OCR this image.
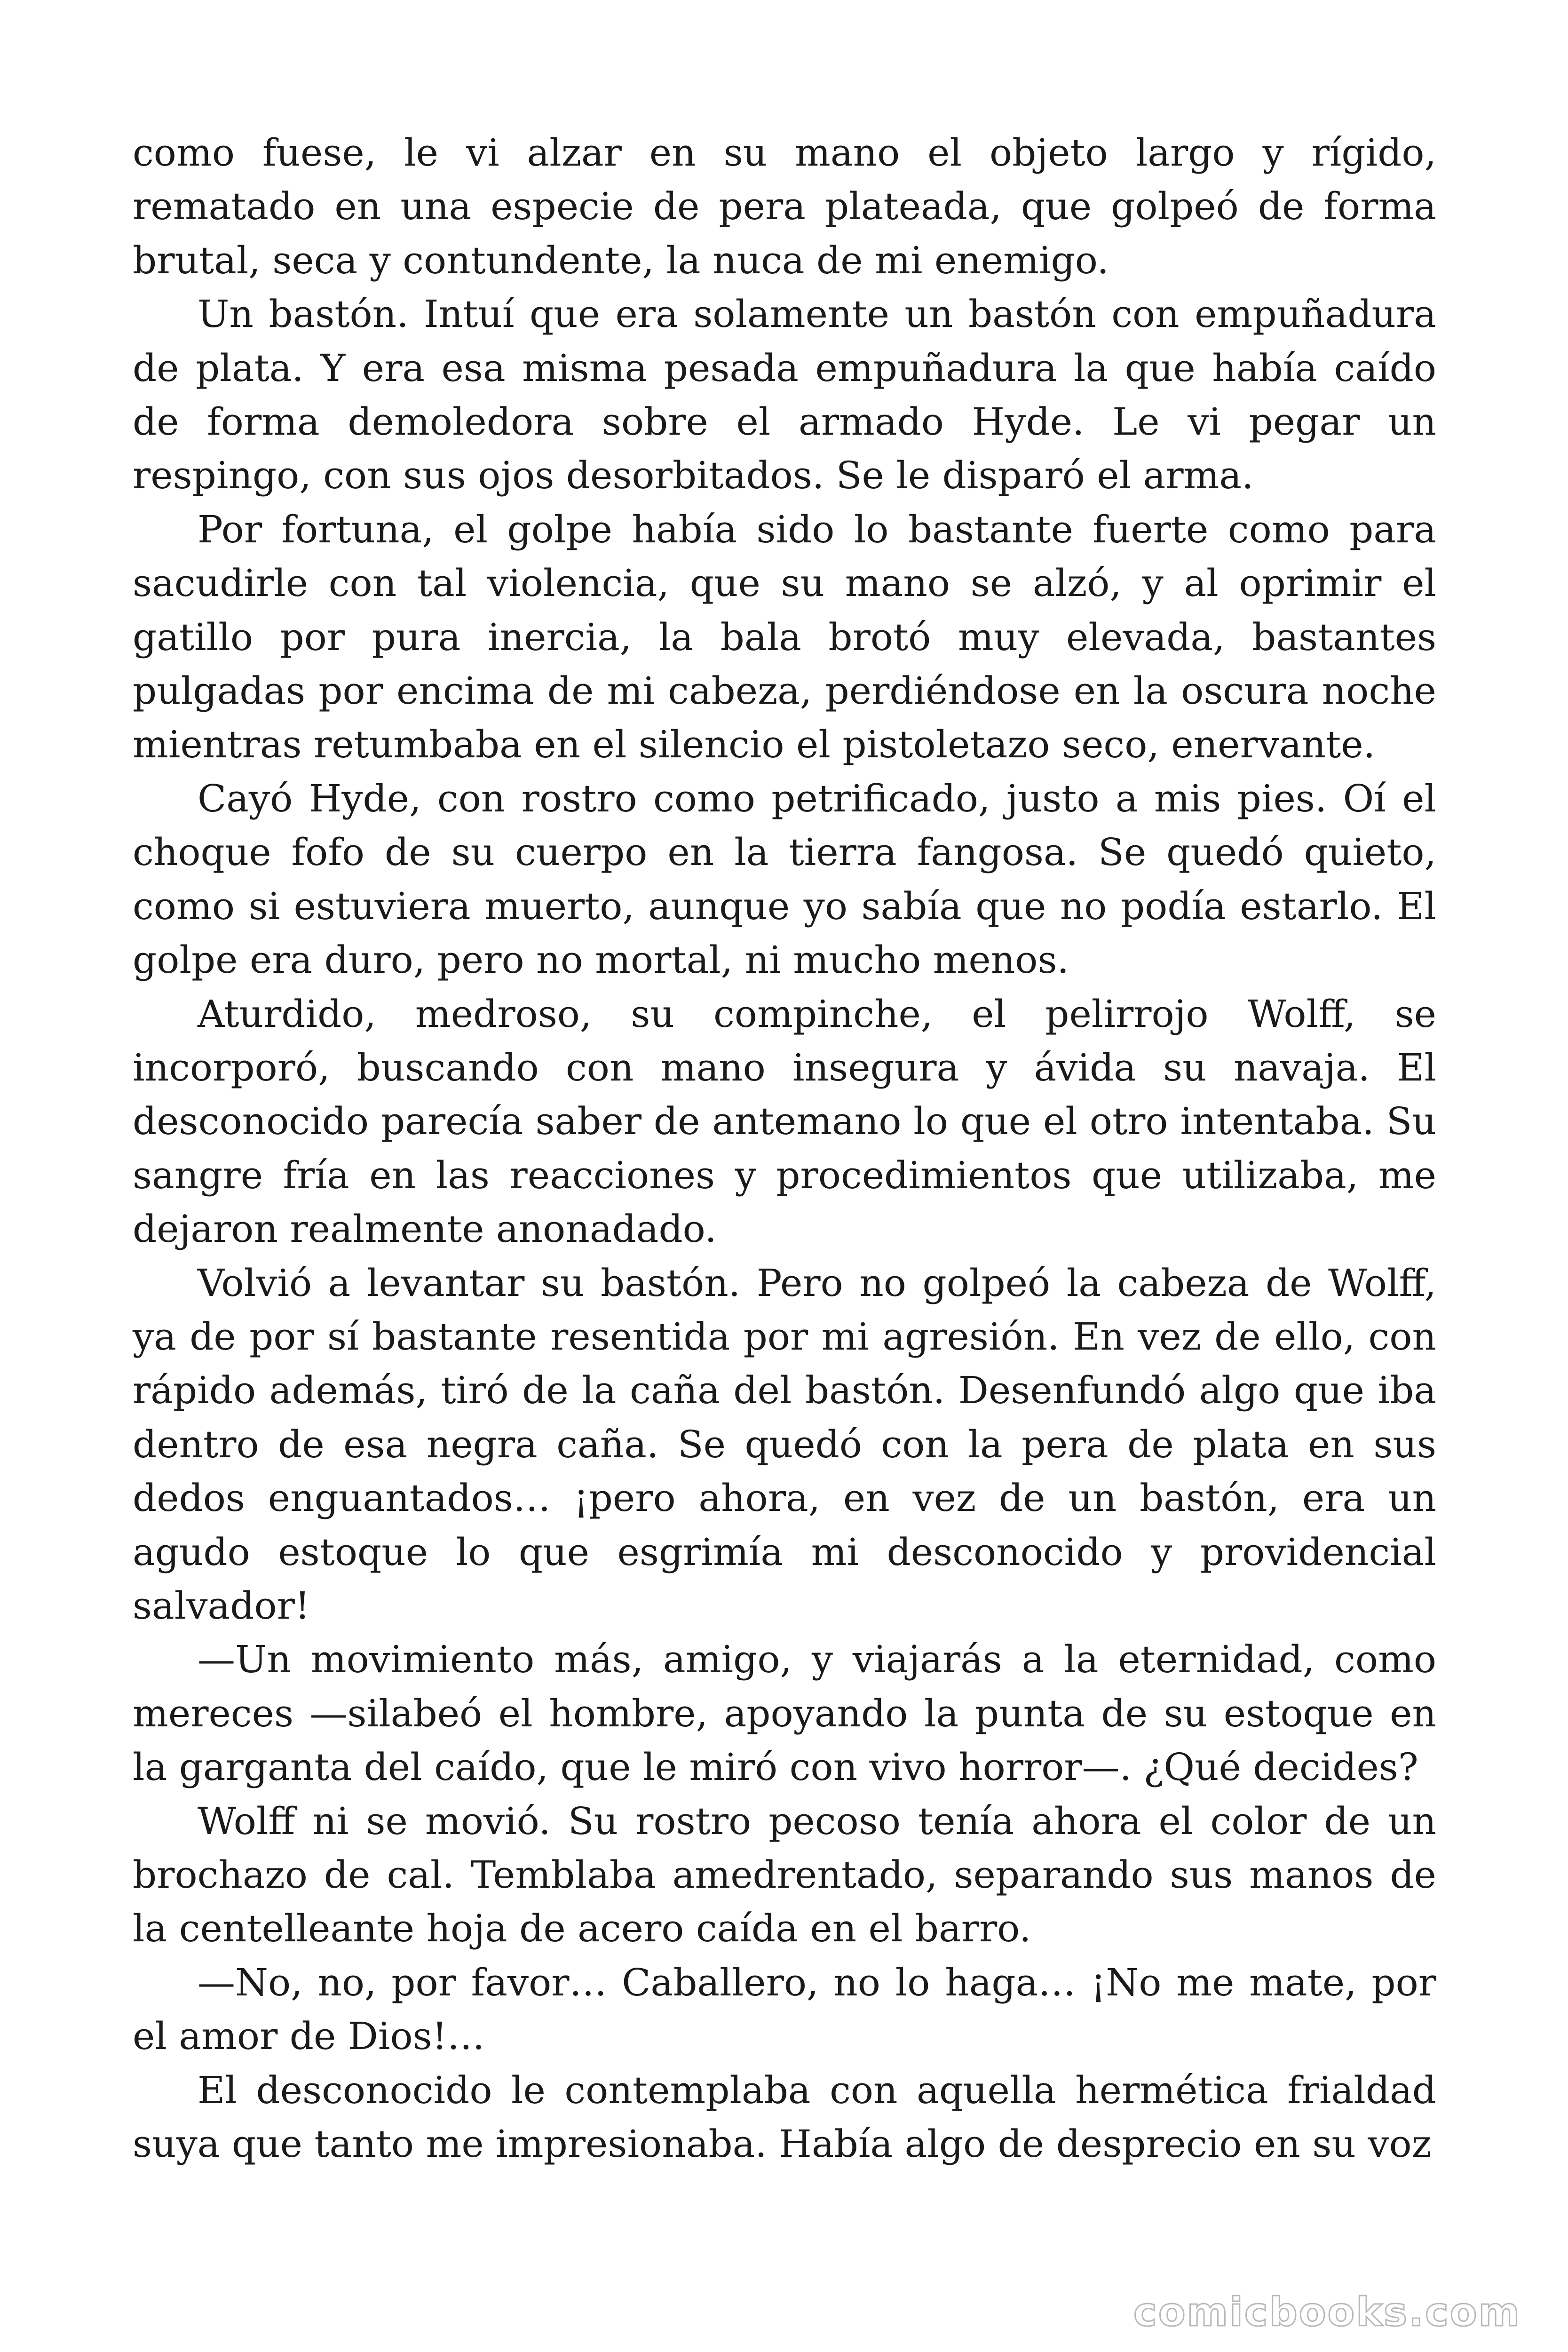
como fuese, le vi alzar en su mano el objeto largo y rígido, rematado en una especie de pera plateada, que golpeó de forma brutal, seca y contundente, la nuca de mi enemigo.

Un bastón. Intuí que era solamente un bastón con empuñadura de plata. Y era esa misma pesada empuñadura la que había caído de forma demoledora sobre el armado Hyde. Le vi pegar un respingo, con sus ojos desorbitados. Se le disparó el arma.

Por fortuna, el golpe había sido lo bastante fuerte como para sacudirle con tal violencia, que su mano se alzó, y al oprimir el gatillo por pura inercia, la bala brotó muy elevada, bastantes pulgadas por encima de mi cabeza, perdiéndose en la oscura noche mientras retumbaba en el silencio el pistoletazo seco, enervante.

Cayó Hyde, con rostro como petrificado, justo a mis pies. Oí el choque fofo de su cuerpo en la tierra fangosa. Se quedó quieto, como si estuviera muerto, aunque yo sabía que no podía estarlo. El golpe era duro, pero no mortal, ni mucho menos.

Aturdido, medroso, su compinche, el pelirrojo Wolff, se incorporó, buscando con mano insegura y ávida su navaja. El desconocido parecía saber de antemano lo que el otro intentaba. Su sangre fría en las reacciones y procedimientos que utilizaba, me dejaron realmente anonadado.

Volvió a levantar su bastón. Pero no golpeó la cabeza de Wolff, ya de por sí bastante resentida por mi agresión. En vez de ello, con rápido además, tiró de la caña del bastón. Desenfundó algo que iba dentro de esa negra caña. Se quedó con la pera de plata en sus dedos enguantados… ¡pero ahora, en vez de un bastón, era un agudo estoque lo que esgrimía mi desconocido y providencial salvador!

—Un movimiento más, amigo, y viajarás a la eternidad, como mereces —silabeó el hombre, apoyando la punta de su estoque en la garganta del caído, que le miró con vivo horror—. ¿Qué decides?

Wolff ni se movió. Su rostro pecoso tenía ahora el color de un brochazo de cal. Temblaba amedrentado, separando sus manos de la centelleante hoja de acero caída en el barro.

—No, no, por favor… Caballero, no lo haga… ¡No me mate, por el amor de Dios!…

El desconocido le contemplaba con aquella hermética frialdad suya que tanto me impresionaba. Había algo de desprecio en su voz

comicbooks.com
